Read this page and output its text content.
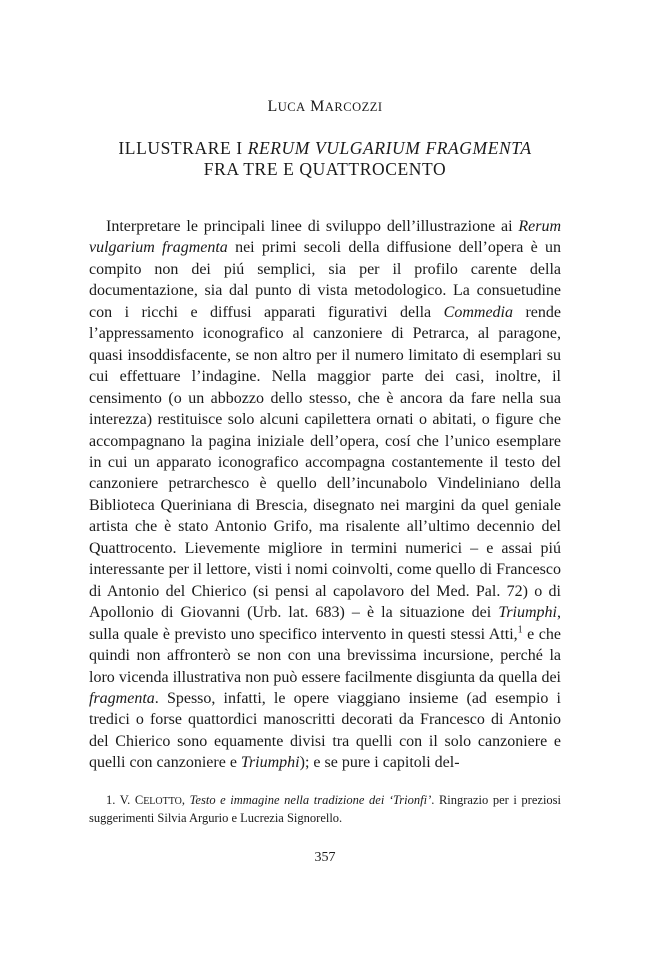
LUCA MARCOZZI
ILLUSTRARE I RERUM VULGARIUM FRAGMENTA
FRA TRE E QUATTROCENTO

Interpretare le principali linee di sviluppo dell’illustrazione ai Rerum vulgarium fragmenta nei primi secoli della diffusione dell’opera è un compito non dei piú semplici, sia per il profilo carente della documentazione, sia dal punto di vista metodologico. La consuetudine con i ricchi e diffusi apparati figurativi della Commedia rende l’appressamento iconografico al canzoniere di Petrarca, al paragone, quasi insoddisfacente, se non altro per il numero limitato di esemplari su cui effettuare l’indagine. Nella maggior parte dei casi, inoltre, il censimento (o un abbozzo dello stesso, che è ancora da fare nella sua interezza) restituisce solo alcuni capilettera ornati o abitati, o figure che accompagnano la pagina iniziale dell’opera, cosí che l’unico esemplare in cui un apparato iconografico accompagna costantemente il testo del canzoniere petrarchesco è quello dell’incunabolo Vindeliniano della Biblioteca Queriniana di Brescia, disegnato nei margini da quel geniale artista che è stato Antonio Grifo, ma risalente all’ultimo decennio del Quattrocento. Lievemente migliore in termini numerici – e assai piú interessante per il lettore, visti i nomi coinvolti, come quello di Francesco di Antonio del Chierico (si pensi al capolavoro del Med. Pal. 72) o di Apollonio di Giovanni (Urb. lat. 683) – è la situazione dei Triumphi, sulla quale è previsto uno specifico intervento in questi stessi Atti,$^1$ e che quindi non affronterò se non con una brevissima incursione, perché la loro vicenda illustrativa non può essere facilmente disgiunta da quella dei fragmenta. Spesso, infatti, le opere viaggiano insieme (ad esempio i tredici o forse quattordici manoscritti decorati da Francesco di Antonio del Chierico sono equamente divisi tra quelli con il solo canzoniere e quelli con canzoniere e Triumphi); e se pure i capitoli del-

1. V. CELOTTO, Testo e immagine nella tradizione dei ‘Trionfi’. Ringrazio per i preziosi suggerimenti Silvia Argurio e Lucrezia Signorello.

357
